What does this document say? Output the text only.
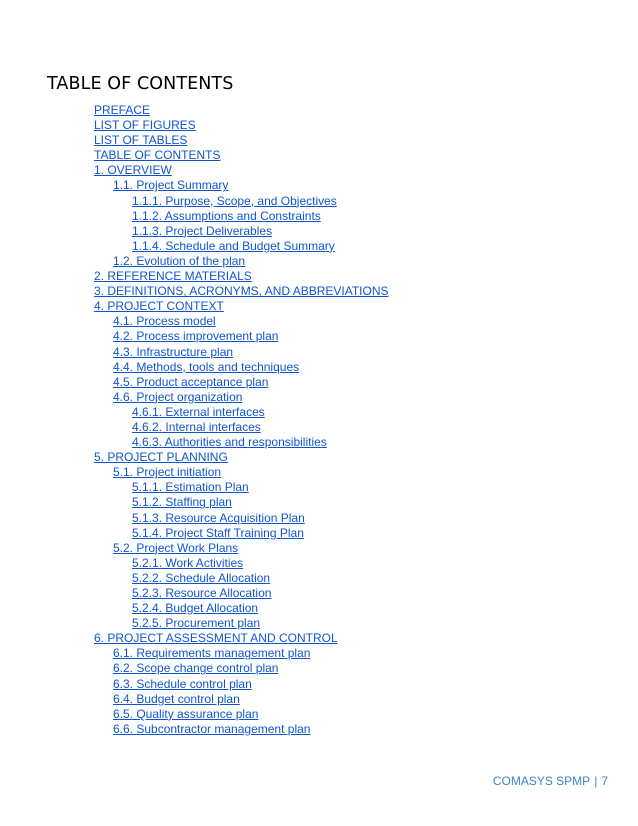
TABLE OF CONTENTS
PREFACE
LIST OF FIGURES
LIST OF TABLES
TABLE OF CONTENTS
1. OVERVIEW
1.1. Project Summary
1.1.1. Purpose, Scope, and Objectives
1.1.2. Assumptions and Constraints
1.1.3. Project Deliverables
1.1.4. Schedule and Budget Summary
1.2. Evolution of the plan
2. REFERENCE MATERIALS
3. DEFINITIONS, ACRONYMS, AND ABBREVIATIONS
4. PROJECT CONTEXT
4.1. Process model
4.2. Process improvement plan
4.3. Infrastructure plan
4.4. Methods, tools and techniques
4.5. Product acceptance plan
4.6. Project organization
4.6.1. External interfaces
4.6.2. Internal interfaces
4.6.3. Authorities and responsibilities
5. PROJECT PLANNING
5.1. Project initiation
5.1.1. Estimation Plan
5.1.2. Staffing plan
5.1.3. Resource Acquisition Plan
5.1.4. Project Staff Training Plan
5.2. Project Work Plans
5.2.1. Work Activities
5.2.2. Schedule Allocation
5.2.3. Resource Allocation
5.2.4. Budget Allocation
5.2.5. Procurement plan
6. PROJECT ASSESSMENT AND CONTROL
6.1. Requirements management plan
6.2. Scope change control plan
6.3. Schedule control plan
6.4. Budget control plan
6.5. Quality assurance plan
6.6. Subcontractor management plan
COMASYS SPMP | 7
